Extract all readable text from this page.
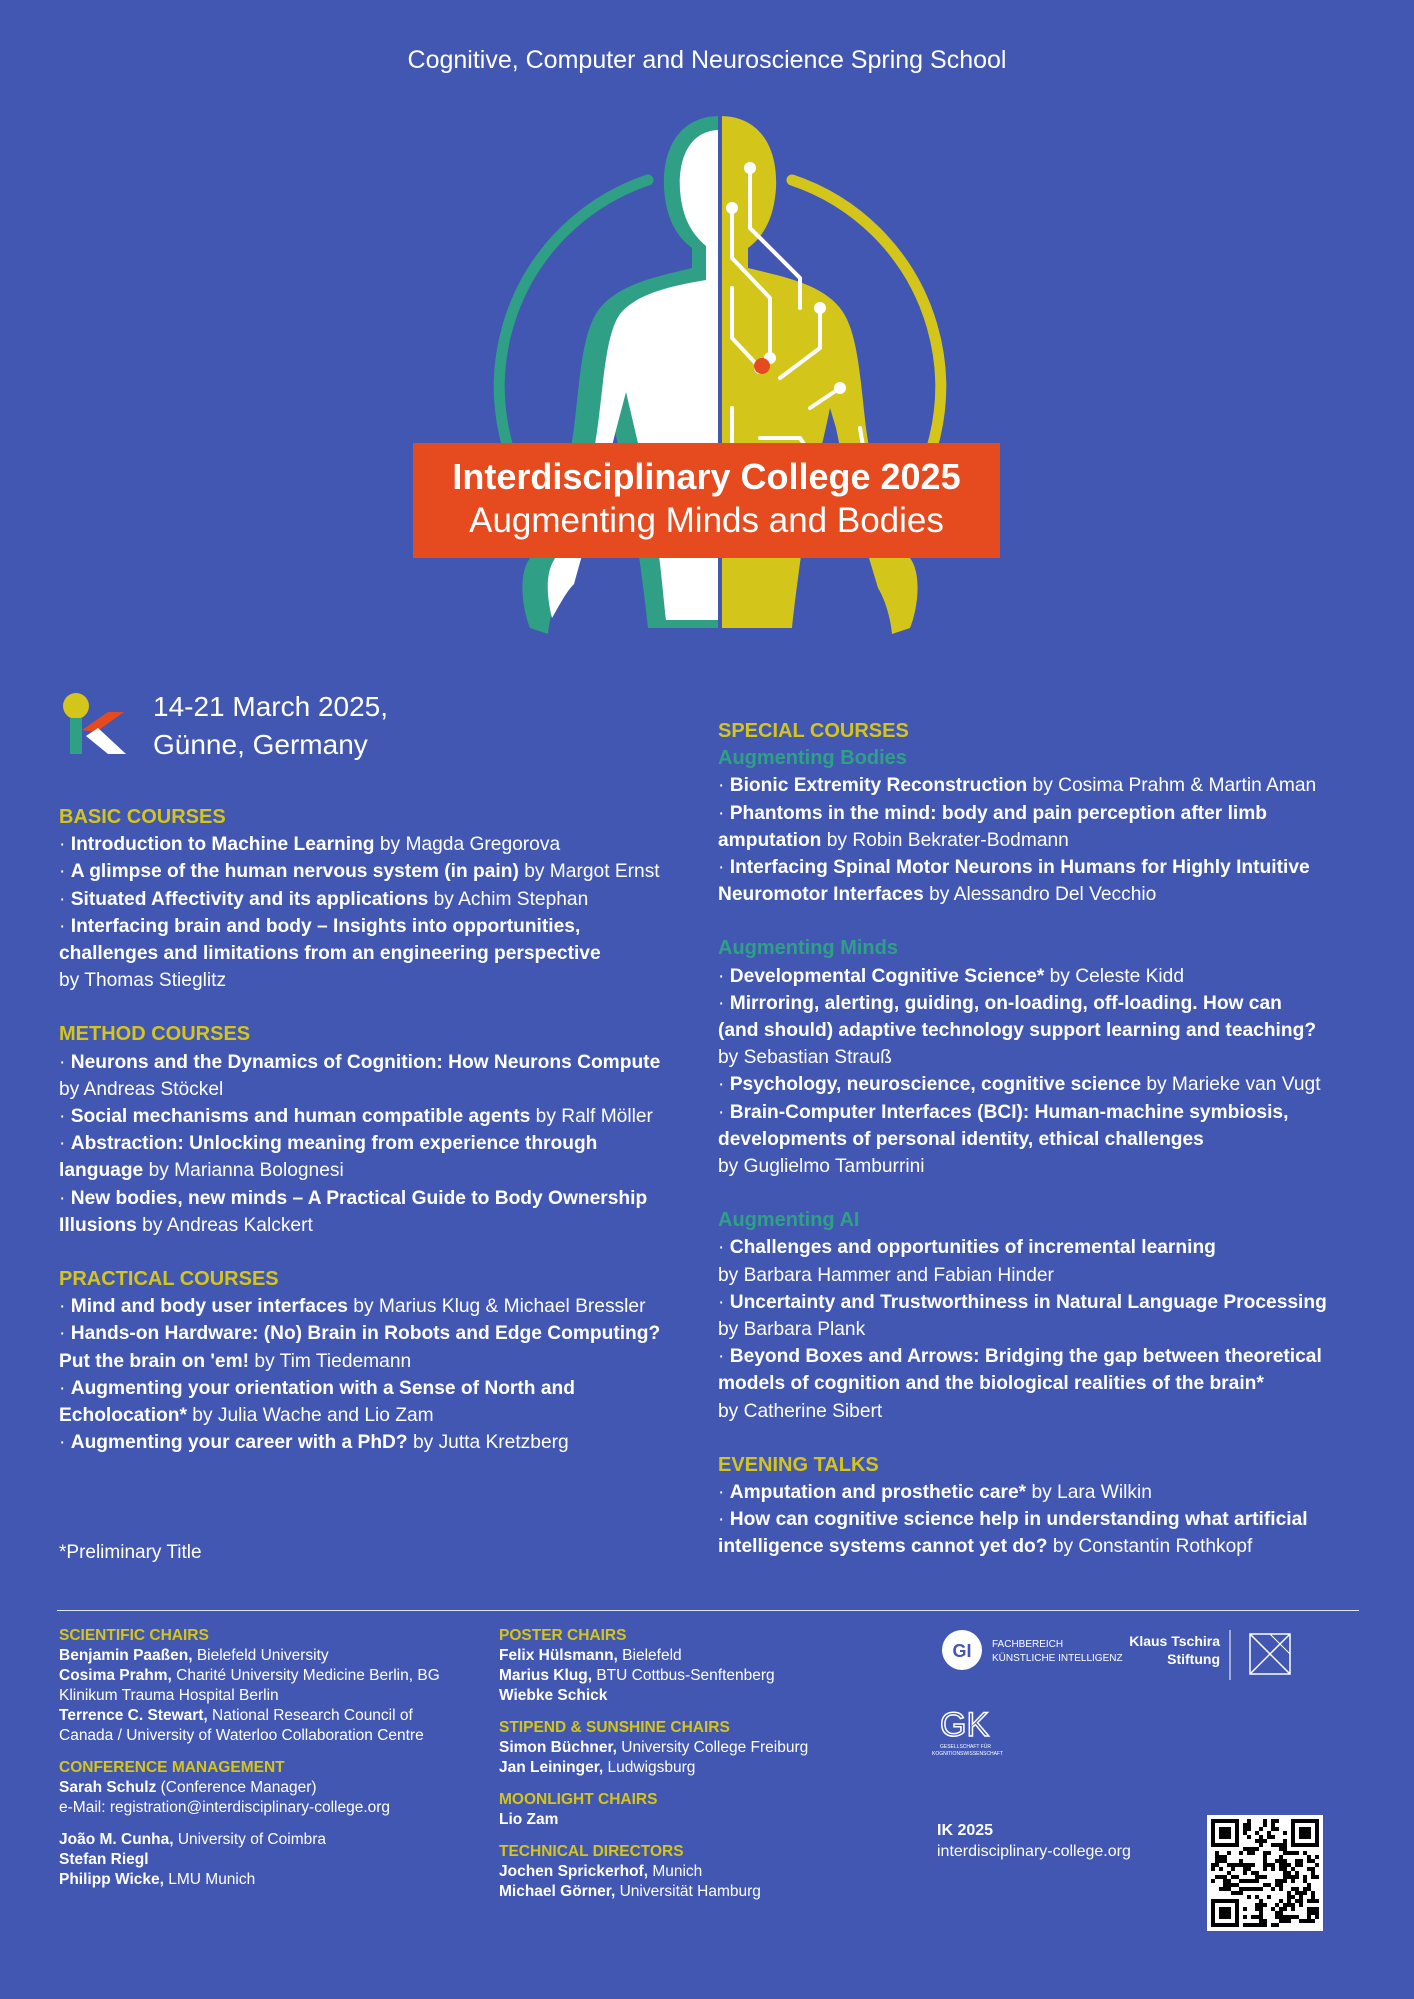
Cognitive, Computer and Neuroscience Spring School
Interdisciplinary College 2025
Augmenting Minds and Bodies
14-21 March 2025,
Günne, Germany

BASIC COURSES

· Introduction to Machine Learning by Magda Gregorova

· A glimpse of the human nervous system (in pain) by Margot Ernst

· Situated Affectivity and its applications by Achim Stephan

· Interfacing brain and body – Insights into opportunities,
challenges and limitations from an engineering perspective
by Thomas Stieglitz

METHOD COURSES

· Neurons and the Dynamics of Cognition: How Neurons Compute
by Andreas Stöckel

· Social mechanisms and human compatible agents by Ralf Möller

· Abstraction: Unlocking meaning from experience through
language by Marianna Bolognesi

· New bodies, new minds – A Practical Guide to Body Ownership
Illusions by Andreas Kalckert

PRACTICAL COURSES

· Mind and body user interfaces by Marius Klug & Michael Bressler

· Hands-on Hardware: (No) Brain in Robots and Edge Computing?
Put the brain on 'em! by Tim Tiedemann

· Augmenting your orientation with a Sense of North and
Echolocation* by Julia Wache and Lio Zam

· Augmenting your career with a PhD? by Jutta Kretzberg

*Preliminary Title

SPECIAL COURSES

Augmenting Bodies

· Bionic Extremity Reconstruction by Cosima Prahm & Martin Aman

· Phantoms in the mind: body and pain perception after limb
amputation by Robin Bekrater-Bodmann

· Interfacing Spinal Motor Neurons in Humans for Highly Intuitive
Neuromotor Interfaces by Alessandro Del Vecchio

Augmenting Minds

· Developmental Cognitive Science* by Celeste Kidd

· Mirroring, alerting, guiding, on-loading, off-loading. How can
(and should) adaptive technology support learning and teaching?
by Sebastian Strauß

· Psychology, neuroscience, cognitive science by Marieke van Vugt

· Brain-Computer Interfaces (BCI): Human-machine symbiosis,
developments of personal identity, ethical challenges
by Guglielmo Tamburrini

Augmenting AI

· Challenges and opportunities of incremental learning
by Barbara Hammer and Fabian Hinder

· Uncertainty and Trustworthiness in Natural Language Processing
by Barbara Plank

· Beyond Boxes and Arrows: Bridging the gap between theoretical
models of cognition and the biological realities of the brain*
by Catherine Sibert

EVENING TALKS

· Amputation and prosthetic care* by Lara Wilkin

· How can cognitive science help in understanding what artificial
intelligence systems cannot yet do? by Constantin Rothkopf

SCIENTIFIC CHAIRS

Benjamin Paaßen, Bielefeld University

Cosima Prahm, Charité University Medicine Berlin, BG
Klinikum Trauma Hospital Berlin

Terrence C. Stewart, National Research Council of
Canada / University of Waterloo Collaboration Centre

CONFERENCE MANAGEMENT

Sarah Schulz (Conference Manager)

e-Mail: registration@interdisciplinary-college.org

João M. Cunha, University of Coimbra

Stefan Riegl

Philipp Wicke, LMU Munich

POSTER CHAIRS

Felix Hülsmann, Bielefeld

Marius Klug, BTU Cottbus-Senftenberg

Wiebke Schick

STIPEND & SUNSHINE CHAIRS

Simon Büchner, University College Freiburg

Jan Leininger, Ludwigsburg

MOONLIGHT CHAIRS

Lio Zam

TECHNICAL DIRECTORS

Jochen Sprickerhof, Munich

Michael Görner, Universität Hamburg

GI FACHBEREICH
KÜNSTLICHE INTELLIGENZ
Klaus Tschira
Stiftung
GK
GESELLSCHAFT FÜR
KOGNITIONSWISSENSCHAFT
IK 2025
interdisciplinary-college.org
